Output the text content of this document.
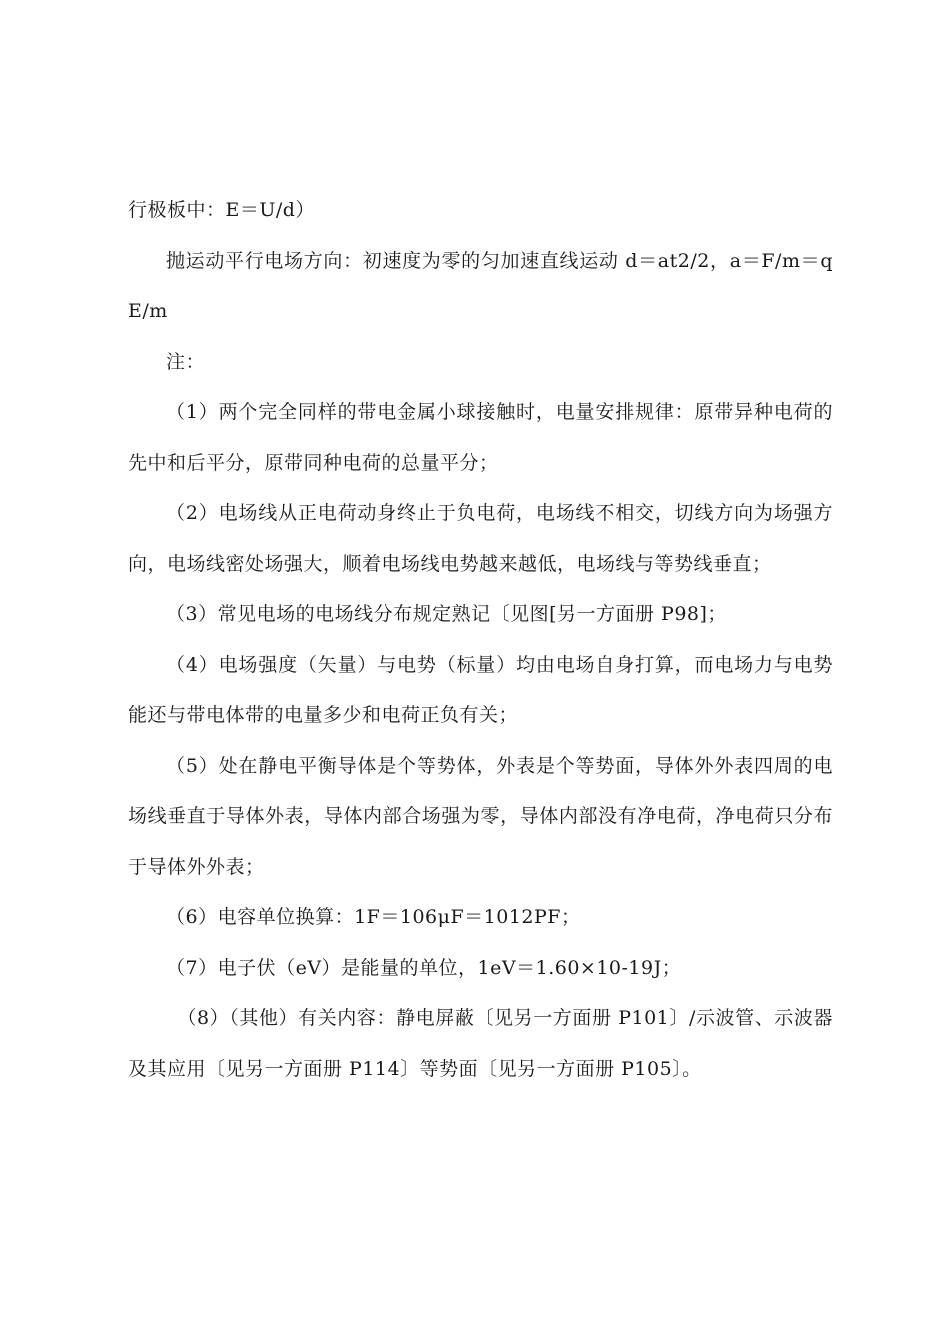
行极板中：E＝U/d）

抛运动平行电场方向：初速度为零的匀加速直线运动 d＝at2/2，a＝F/m＝qE/m

注：

（1）两个完全同样的带电金属小球接触时，电量安排规律：原带异种电荷的先中和后平分，原带同种电荷的总量平分；

（2）电场线从正电荷动身终止于负电荷，电场线不相交，切线方向为场强方向，电场线密处场强大，顺着电场线电势越来越低，电场线与等势线垂直；

（3）常见电场的电场线分布规定熟记〔见图[另一方面册 P98]；

（4）电场强度（矢量）与电势（标量）均由电场自身打算，而电场力与电势能还与带电体带的电量多少和电荷正负有关；

（5）处在静电平衡导体是个等势体，外表是个等势面，导体外外表四周的电场线垂直于导体外表，导体内部合场强为零，导体内部没有净电荷，净电荷只分布于导体外外表；

（6）电容单位换算：1F＝106μF＝1012PF；

（7）电子伏（eV）是能量的单位，1eV＝1.60×10-19J；

（8）（其他）有关内容：静电屏蔽〔见另一方面册 P101〕/示波管、示波器及其应用〔见另一方面册 P114〕等势面〔见另一方面册 P105〕。
